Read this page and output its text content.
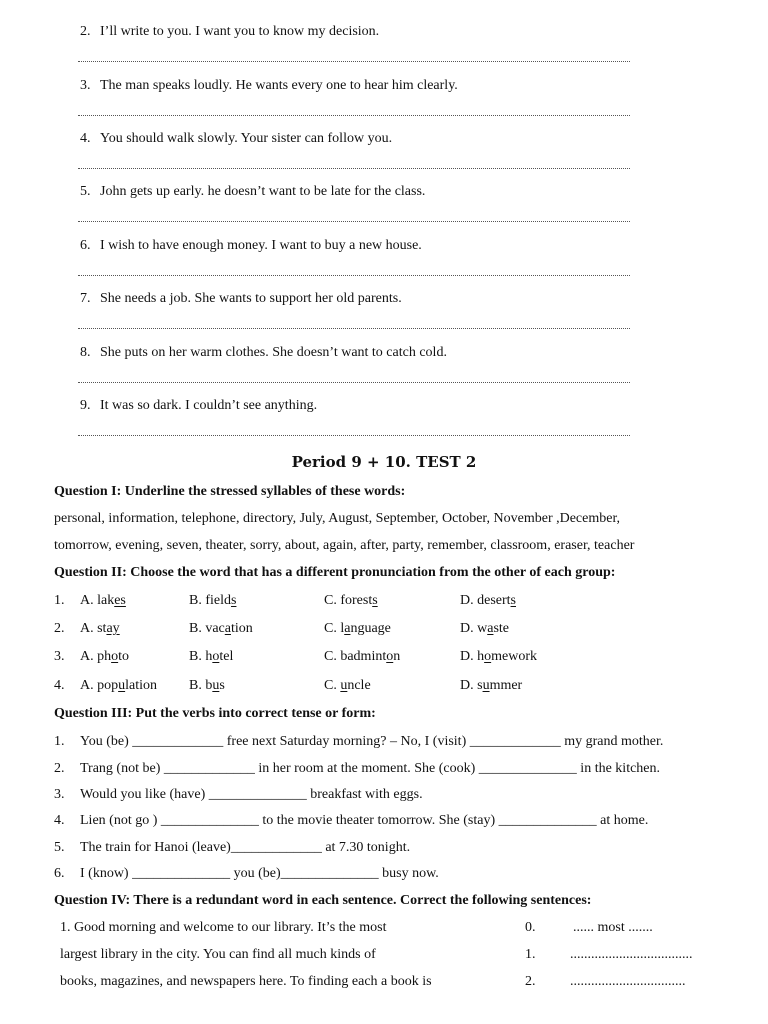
2. I’ll write to you. I want you to know my decision.
3. The man speaks loudly. He wants every one to hear him clearly.
4. You should walk slowly. Your sister can follow you.
5. John gets up early. he doesn’t want to be late for the class.
6. I wish to have enough money. I want to buy a new house.
7. She needs a job. She wants to support her old parents.
8. She puts on her warm clothes. She doesn’t want to catch cold.
9. It was so dark. I couldn’t see anything.
Period 9 + 10. TEST 2
Question I: Underline the stressed syllables of these words:
personal, information, telephone, directory, July, August, September, October, November ,December,
tomorrow, evening, seven, theater, sorry, about, again, after, party, remember, classroom, eraser, teacher
Question II: Choose the word that has a different pronunciation from the other of each group:
1. A. lakes	B. fields	C. forests	D. deserts
2. A. stay	B. vacation	C. language	D. waste
3. A. photo	B. hotel	C. badminton	D. homework
4. A. population B. bus	C. uncle	D. summer
Question III: Put the verbs into correct tense or form:
1. You (be) _____________ free next Saturday morning? – No, I (visit) _____________ my grand mother.
2. Trang (not be) _____________ in her room at the moment. She (cook) ______________ in the kitchen.
3. Would you like (have) ______________ breakfast with eggs.
4. Lien (not go ) ______________ to the movie theater tomorrow. She (stay) ______________ at home.
5. The train for Hanoi (leave)_____________ at 7.30 tonight.
6. I (know) ______________ you (be)______________ busy now.
Question IV: There is a redundant word in each sentence. Correct the following sentences:
1. Good morning and welcome to our library. It’s the most
largest library in the city. You can find all much kinds of
books, magazines, and newspapers here. To finding each a book is
0.	...... most .......
1. ...................................
2. .................................
